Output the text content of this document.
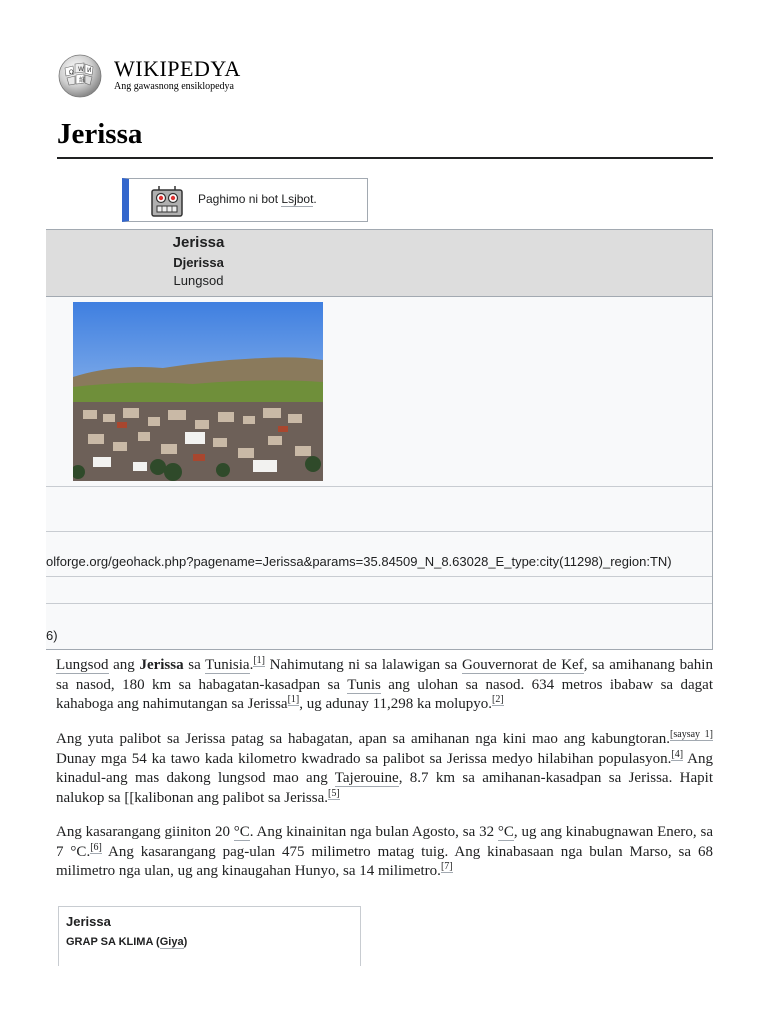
Ω W И
維 WIKIPEDYA
Ang gawasnong ensiklopedya
Jerissa
Paghimo ni bot Lsjbot.
Jerissa
Djerissa
Lungsod
olforge.org/geohack.php?pagename=Jerissa&params=35.84509_N_8.63028_E_type:city(11298)_region:TN)
6)

Lungsod ang Jerissa sa Tunisia.[1] Nahimutang ni sa lalawigan sa Gouvernorat de Kef, sa amihanang bahin sa nasod, 180 km sa habagatan-kasadpan sa Tunis ang ulohan sa nasod. 634 metros ibabaw sa dagat kahaboga ang nahimutangan sa Jerissa[1], ug adunay 11,298 ka molupyo.[2]

Ang yuta palibot sa Jerissa patag sa habagatan, apan sa amihanan nga kini mao ang kabungtoran.[saysay 1] Dunay mga 54 ka tawo kada kilometro kwadrado sa palibot sa Jerissa medyo hilabihan populasyon.[4] Ang kinadul-ang mas dakong lungsod mao ang Tajerouine, 8.7 km sa amihanan-kasadpan sa Jerissa. Hapit nalukop sa [[kalibonan ang palibot sa Jerissa.[5]

Ang kasarangang giiniton 20 °C. Ang kinainitan nga bulan Agosto, sa 32 °C, ug ang kinabugnawan Enero, sa 7 °C.[6] Ang kasarangang pag-ulan 475 milimetro matag tuig. Ang kinabasaan nga bulan Marso, sa 68 milimetro nga ulan, ug ang kinaugahan Hunyo, sa 14 milimetro.[7]

Jerissa
GRAP SA KLIMA (Giya)
